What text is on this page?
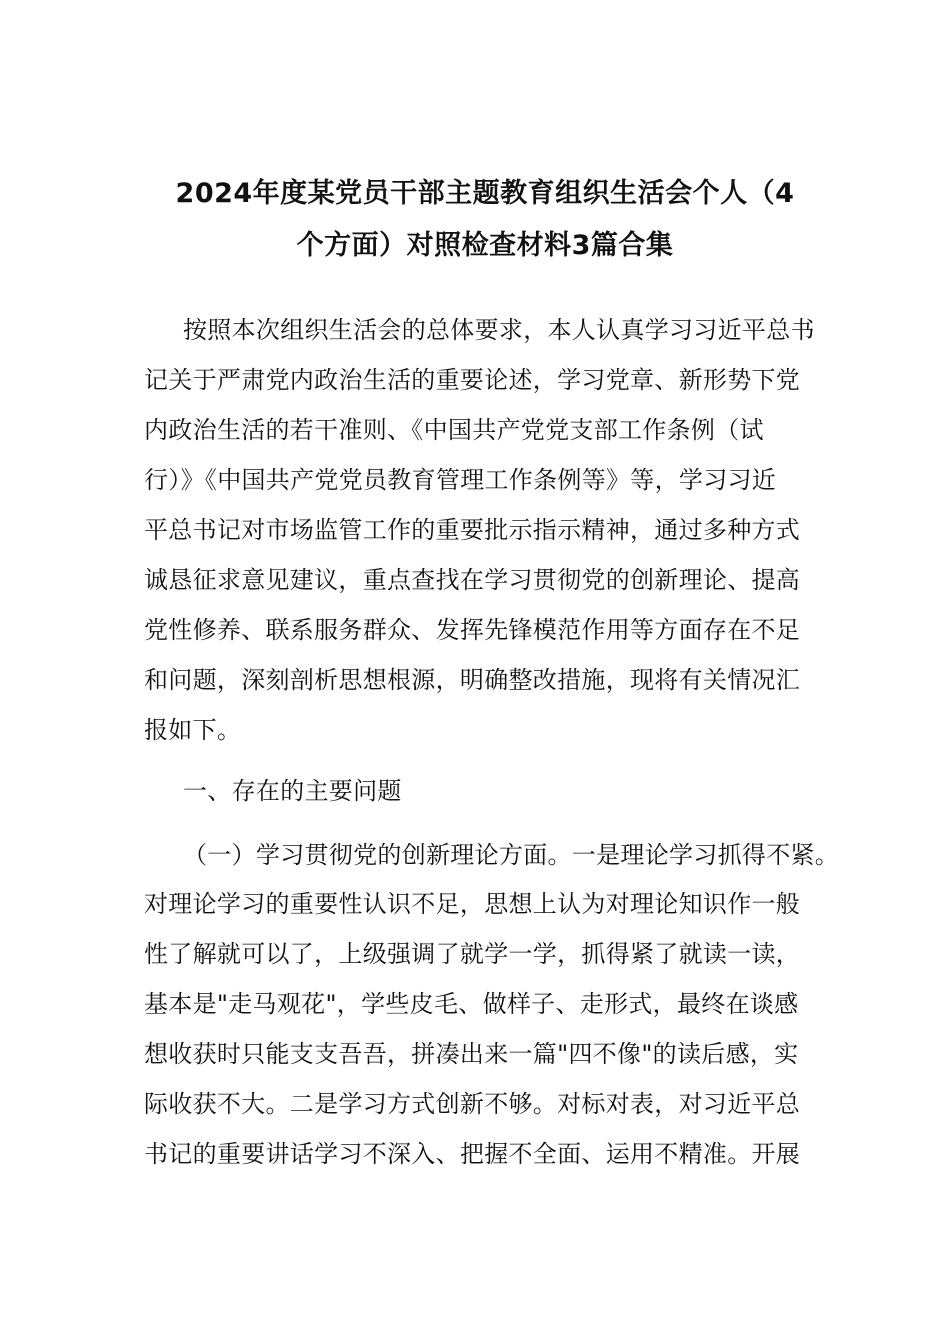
2024年度某党员干部主题教育组织生活会个人（4
个方面）对照检查材料3篇合集
按照本次组织生活会的总体要求，本人认真学习习近平总书
记关于严肃党内政治生活的重要论述，学习党章、新形势下党
内政治生活的若干准则、《中国共产党党支部工作条例（试
行）》《中国共产党党员教育管理工作条例等》等，学习习近
平总书记对市场监管工作的重要批示指示精神，通过多种方式
诚恳征求意见建议，重点查找在学习贯彻党的创新理论、提高
党性修养、联系服务群众、发挥先锋模范作用等方面存在不足
和问题，深刻剖析思想根源，明确整改措施，现将有关情况汇
报如下。
一、存在的主要问题
（一）学习贯彻党的创新理论方面。一是理论学习抓得不紧。
对理论学习的重要性认识不足，思想上认为对理论知识作一般
性了解就可以了，上级强调了就学一学，抓得紧了就读一读，
基本是"走马观花"，学些皮毛、做样子、走形式，最终在谈感
想收获时只能支支吾吾，拼凑出来一篇"四不像"的读后感，实
际收获不大。二是学习方式创新不够。对标对表，对习近平总
书记的重要讲话学习不深入、把握不全面、运用不精准。开展
